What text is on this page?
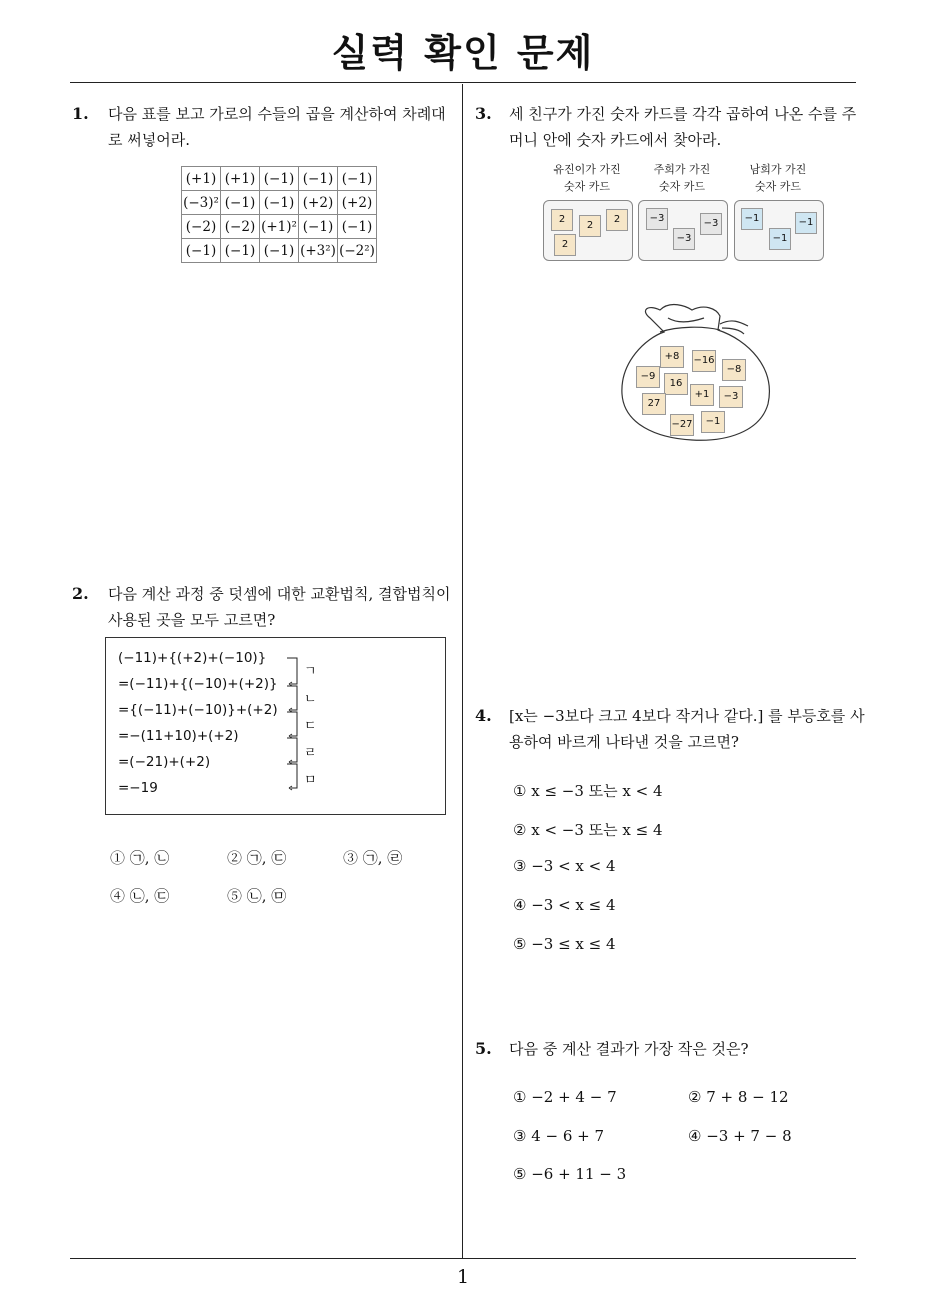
실력 확인 문제
1
1. 다음 표를 보고 가로의 수들의 곱을 계산하여 차례대로 써넣어라.
(+1)	(+1)	(−1)	(−1)	(−1)
(−3)²	(−1)	(−1)	(+2)	(+2)
(−2)	(−2)	(+1)²	(−1)	(−1)
(−1)	(−1)	(−1)	(+3²)	(−2²)
2. 다음 계산 과정 중 덧셈에 대한 교환법칙, 결합법칙이 사용된 곳을 모두 고르면?
(−11)+{(+2)+(−10)}
=(−11)+{(−10)+(+2)}
={(−11)+(−10)}+(+2)
=−(11+10)+(+2)
=(−21)+(+2)
=−19
ㄱ
ㄴ
ㄷ
ㄹ
ㅁ
① ㉠, ㉡	② ㉠, ㉢	③ ㉠, ㉣
④ ㉡, ㉢	⑤ ㉡, ㉤
3. 세 친구가 가진 숫자 카드를 각각 곱하여 나온 수를 주머니 안에 숫자 카드에서 찾아라.
유진이가 가진
숫자 카드
주희가 가진
숫자 카드
남희가 가진
숫자 카드
2
2
2
2
−3	−3
−3
−1	−1
−1
+8	−16
−9
16
−8
27
+1	−3
−27	−1
4. [x는 −3보다 크고 4보다 작거나 같다.] 를 부등호를 사용하여 바르게 나타낸 것을 고르면?
① x ≤ −3 또는 x < 4
② x < −3 또는 x ≤ 4
③ −3 < x < 4
④ −3 < x ≤ 4
⑤ −3 ≤ x ≤ 4
5. 다음 중 계산 결과가 가장 작은 것은?
① −2 + 4 − 7	② 7 + 8 − 12
③ 4 − 6 + 7	④ −3 + 7 − 8
⑤ −6 + 11 − 3
